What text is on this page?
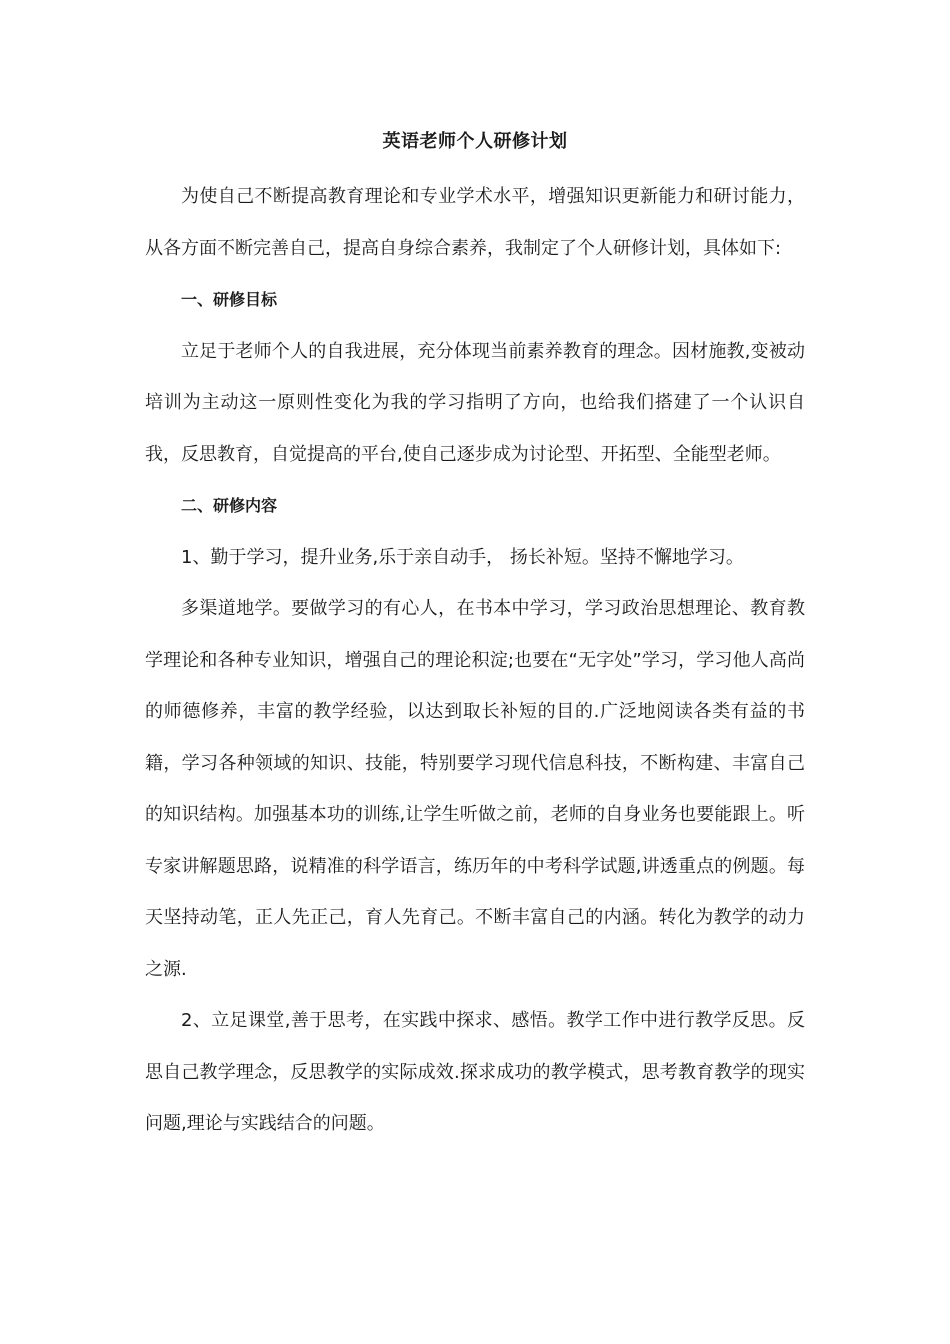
英语老师个人研修计划

为使自己不断提高教育理论和专业学术水平，增强知识更新能力和研讨能力，从各方面不断完善自己，提高自身综合素养，我制定了个人研修计划，具体如下:

一、研修目标

立足于老师个人的自我进展，充分体现当前素养教育的理念。因材施教,变被动培训为主动这一原则性变化为我的学习指明了方向，也给我们搭建了一个认识自我，反思教育，自觉提高的平台,使自己逐步成为讨论型、开拓型、全能型老师。

二、研修内容

1、勤于学习，提升业务,乐于亲自动手， 扬长补短。坚持不懈地学习。

多渠道地学。要做学习的有心人，在书本中学习，学习政治思想理论、教育教学理论和各种专业知识，增强自己的理论积淀;也要在“无字处”学习，学习他人高尚的师德修养，丰富的教学经验，以达到取长补短的目的.广泛地阅读各类有益的书籍，学习各种领域的知识、技能，特别要学习现代信息科技，不断构建、丰富自己的知识结构。加强基本功的训练,让学生听做之前，老师的自身业务也要能跟上。听专家讲解题思路，说精准的科学语言，练历年的中考科学试题,讲透重点的例题。每天坚持动笔，正人先正己，育人先育己。不断丰富自己的内涵。转化为教学的动力之源.

2、立足课堂,善于思考，在实践中探求、感悟。教学工作中进行教学反思。反思自己教学理念，反思教学的实际成效.探求成功的教学模式，思考教育教学的现实问题,理论与实践结合的问题。
